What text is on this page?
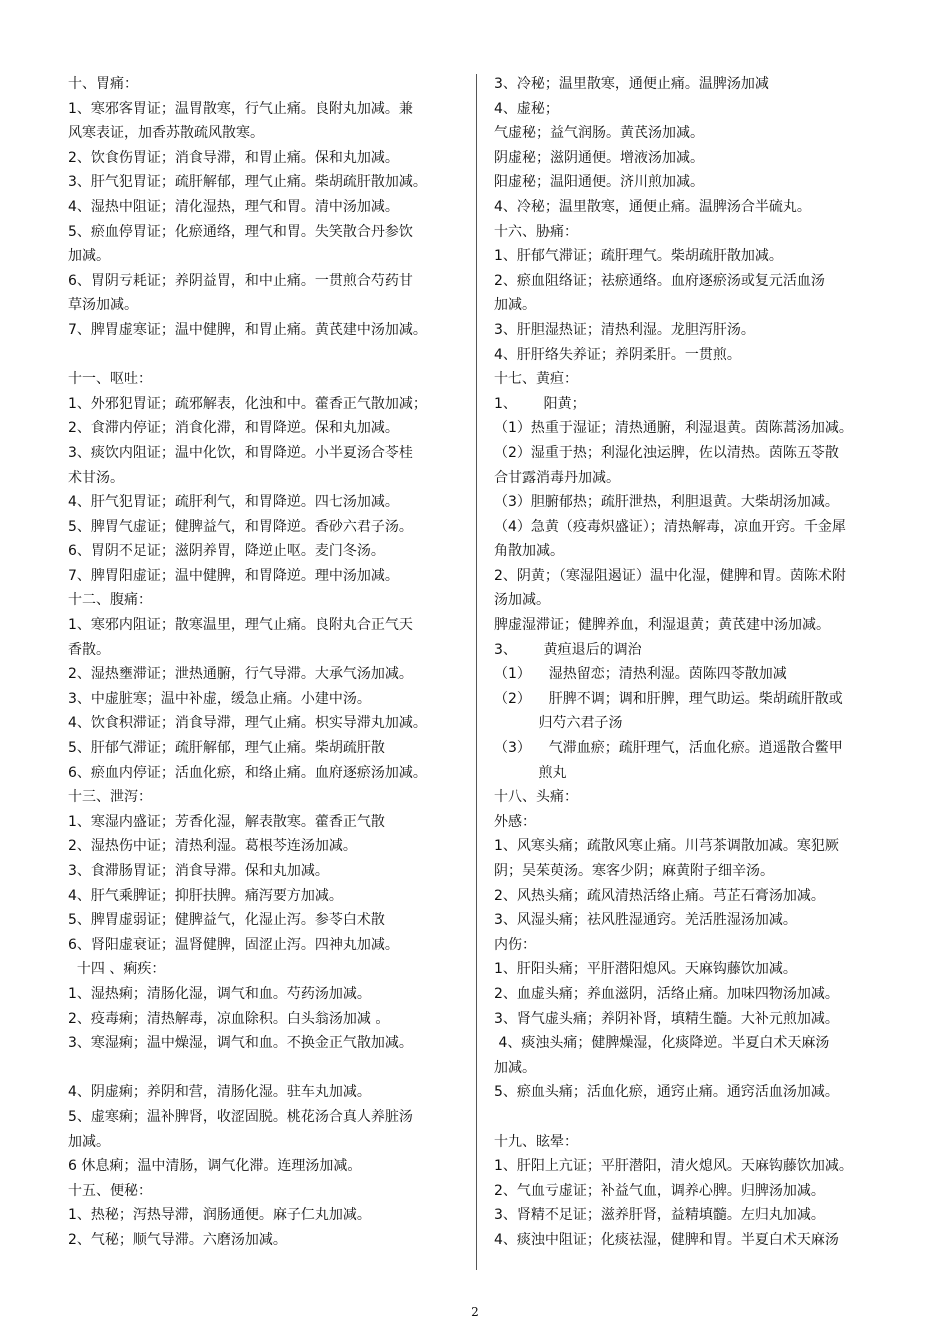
十、胃痛：
1、寒邪客胃证；温胃散寒，行气止痛。良附丸加减。兼
风寒表证，加香苏散疏风散寒。
2、饮食伤胃证；消食导滞，和胃止痛。保和丸加减。
3、肝气犯胃证；疏肝解郁，理气止痛。柴胡疏肝散加减。
4、湿热中阻证；清化湿热，理气和胃。清中汤加减。
5、瘀血停胃证；化瘀通络，理气和胃。失笑散合丹参饮
加减。
6、胃阴亏耗证；养阴益胃，和中止痛。一贯煎合芍药甘
草汤加减。
7、脾胃虚寒证；温中健脾，和胃止痛。黄芪建中汤加减。

十一、呕吐：
1、外邪犯胃证；疏邪解表，化浊和中。藿香正气散加减；
2、食滞内停证；消食化滞，和胃降逆。保和丸加减。
3、痰饮内阻证；温中化饮，和胃降逆。小半夏汤合苓桂
术甘汤。
4、肝气犯胃证；疏肝利气，和胃降逆。四七汤加减。
5、脾胃气虚证；健脾益气，和胃降逆。香砂六君子汤。
6、胃阴不足证；滋阴养胃，降逆止呕。麦门冬汤。
7、脾胃阳虚证；温中健脾，和胃降逆。理中汤加减。
十二、腹痛：
1、寒邪内阻证；散寒温里，理气止痛。良附丸合正气天
香散。
2、湿热壅滞证；泄热通腑，行气导滞。大承气汤加减。
3、中虚脏寒；温中补虚，缓急止痛。小建中汤。
4、饮食积滞证；消食导滞，理气止痛。枳实导滞丸加减。
5、肝郁气滞证；疏肝解郁，理气止痛。柴胡疏肝散
6、瘀血内停证；活血化瘀，和络止痛。血府逐瘀汤加减。
十三、泄泻：
1、寒湿内盛证；芳香化湿，解表散寒。藿香正气散
2、湿热伤中证；清热利湿。葛根芩连汤加减。
3、食滞肠胃证；消食导滞。保和丸加减。
4、肝气乘脾证；抑肝扶脾。痛泻要方加减。
5、脾胃虚弱证；健脾益气，化湿止泻。参苓白术散
6、肾阳虚衰证；温肾健脾，固涩止泻。四神丸加减。
十四 、痢疾：
1、湿热痢；清肠化湿，调气和血。芍药汤加减。
2、疫毒痢；清热解毒，凉血除积。白头翁汤加减 。
3、寒湿痢；温中燥湿，调气和血。不换金正气散加减。

4、阴虚痢；养阴和营，清肠化湿。驻车丸加减。
5、虚寒痢；温补脾肾，收涩固脱。桃花汤合真人养脏汤
加减。
6 休息痢；温中清肠，调气化滞。连理汤加减。
十五、便秘：
1、热秘；泻热导滞，润肠通便。麻子仁丸加减。
2、气秘；顺气导滞。六磨汤加减。
3、冷秘；温里散寒，通便止痛。温脾汤加减
4、虚秘；
气虚秘；益气润肠。黄芪汤加减。
阴虚秘；滋阴通便。增液汤加减。
阳虚秘；温阳通便。济川煎加减。
4、冷秘；温里散寒，通便止痛。温脾汤合半硫丸。
十六、胁痛：
1、肝郁气滞证；疏肝理气。柴胡疏肝散加减。
2、瘀血阻络证；祛瘀通络。血府逐瘀汤或复元活血汤
加减。
3、肝胆湿热证；清热利湿。龙胆泻肝汤。
4、肝肝络失养证；养阴柔肝。一贯煎。
十七、黄疸：
1、      阳黄；
（1）热重于湿证；清热通腑，利湿退黄。茵陈蒿汤加减。
（2）湿重于热；利湿化浊运脾，佐以清热。茵陈五苓散
合甘露消毒丹加减。
（3）胆腑郁热；疏肝泄热，利胆退黄。大柴胡汤加减。
（4）急黄（疫毒炽盛证）；清热解毒，凉血开窍。千金犀
角散加减。
2、阴黄；（寒湿阻遏证）温中化湿，健脾和胃。茵陈术附
汤加减。
脾虚湿滞证；健脾养血，利湿退黄；黄芪建中汤加减。
3、      黄疸退后的调治
（1）    湿热留恋；清热利湿。茵陈四苓散加减
（2）    肝脾不调；调和肝脾，理气助运。柴胡疏肝散或
归芍六君子汤
（3）    气滞血瘀；疏肝理气，活血化瘀。逍遥散合鳖甲
煎丸
十八、头痛：
外感：
1、风寒头痛；疏散风寒止痛。川芎茶调散加减。寒犯厥
阴；吴茱萸汤。寒客少阴；麻黄附子细辛汤。
2、风热头痛；疏风清热活络止痛。芎芷石膏汤加减。
3、风湿头痛；祛风胜湿通窍。羌活胜湿汤加减。
内伤：
1、肝阳头痛；平肝潜阳熄风。天麻钩藤饮加减。
2、血虚头痛；养血滋阴，活络止痛。加味四物汤加减。
3、肾气虚头痛；养阴补肾，填精生髓。大补元煎加减。
4、痰浊头痛；健脾燥湿，化痰降逆。半夏白术天麻汤
加减。
5、瘀血头痛；活血化瘀，通窍止痛。通窍活血汤加减。

十九、眩晕：
1、肝阳上亢证；平肝潜阳，清火熄风。天麻钩藤饮加减。
2、气血亏虚证；补益气血，调养心脾。归脾汤加减。
3、肾精不足证；滋养肝肾，益精填髓。左归丸加减。
4、痰浊中阻证；化痰祛湿，健脾和胃。半夏白术天麻汤
2
